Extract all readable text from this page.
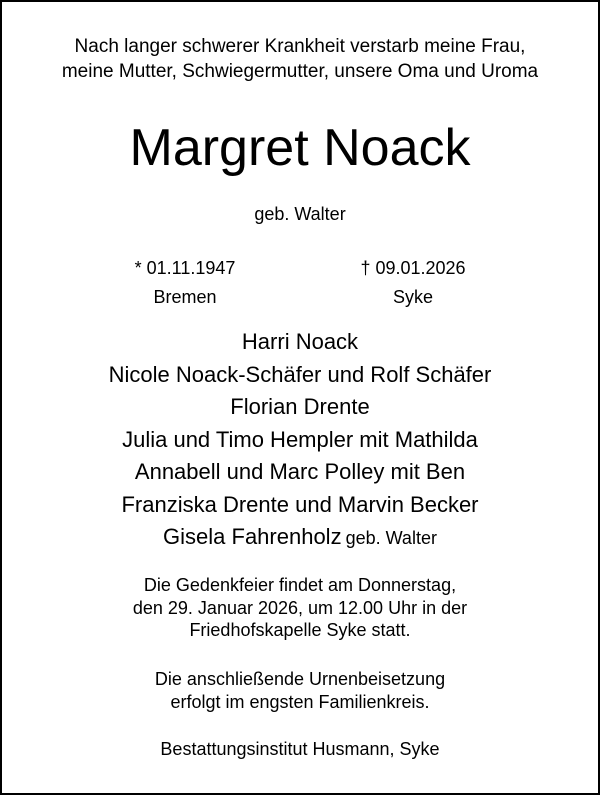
Nach langer schwerer Krankheit verstarb meine Frau,
meine Mutter, Schwiegermutter, unsere Oma und Uroma
Margret Noack
geb. Walter
* 01.11.1947
Bremen
† 09.01.2026
Syke
Harri Noack
Nicole Noack-Schäfer und Rolf Schäfer
Florian Drente
Julia und Timo Hempler mit Mathilda
Annabell und Marc Polley mit Ben
Franziska Drente und Marvin Becker
Gisela Fahrenholz geb. Walter
Die Gedenkfeier findet am Donnerstag,
den 29. Januar 2026, um 12.00 Uhr in der
Friedhofskapelle Syke statt.
Die anschließende Urnenbeisetzung
erfolgt im engsten Familienkreis.
Bestattungsinstitut Husmann, Syke
